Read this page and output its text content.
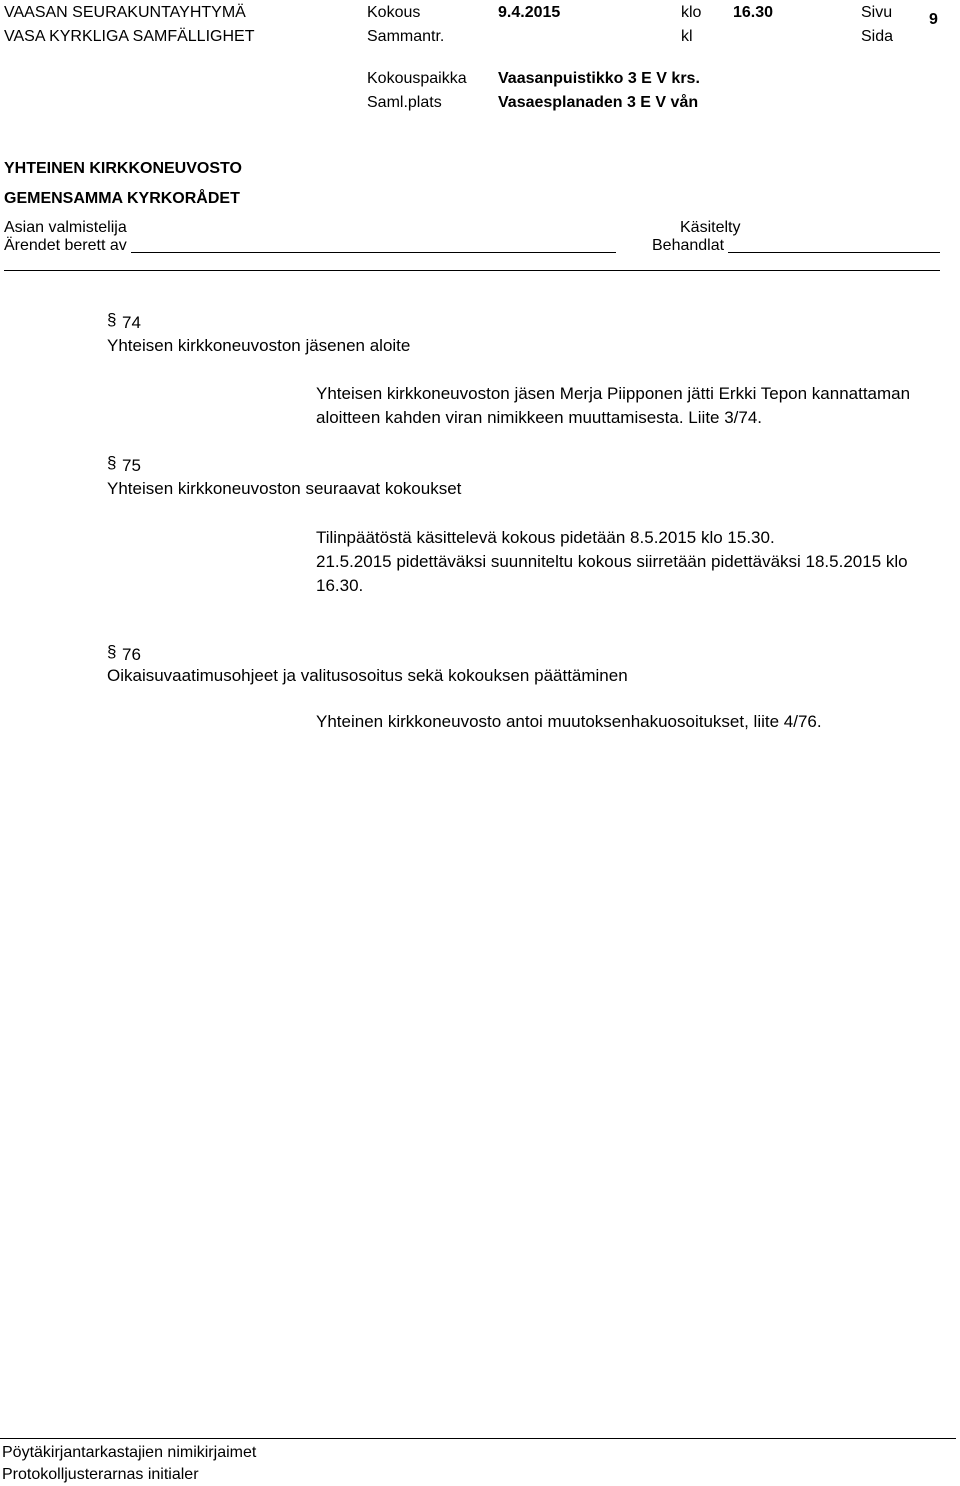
VAASAN SEURAKUNTAYHTYMÄ
VASA KYRKLIGA SAMFÄLLIGHET
Kokous
Sammantr.
9.4.2015	klo
kl
16.30	Sivu
Sida
9
Kokouspaikka
Saml.plats
Vaasanpuistikko 3 E V krs.
Vasaesplanaden 3 E V vån
YHTEINEN KIRKKONEUVOSTO
GEMENSAMMA KYRKORÅDET
Asian valmistelija
Ärendet berett av
Käsitelty
Behandlat
§ 74
Yhteisen kirkkoneuvoston jäsenen aloite
Yhteisen kirkkoneuvoston jäsen Merja Piipponen jätti Erkki Tepon kannattaman
aloitteen kahden viran nimikkeen muuttamisesta. Liite 3/74.
§ 75
Yhteisen kirkkoneuvoston seuraavat kokoukset
Tilinpäätöstä käsittelevä kokous pidetään 8.5.2015 klo 15.30.
21.5.2015 pidettäväksi suunniteltu kokous siirretään pidettäväksi 18.5.2015 klo
16.30.
§ 76
Oikaisuvaatimusohjeet ja valitusosoitus sekä kokouksen päättäminen
Yhteinen kirkkoneuvosto antoi muutoksenhakuosoitukset, liite 4/76.
Pöytäkirjantarkastajien nimikirjaimet
Protokolljusterarnas initialer
